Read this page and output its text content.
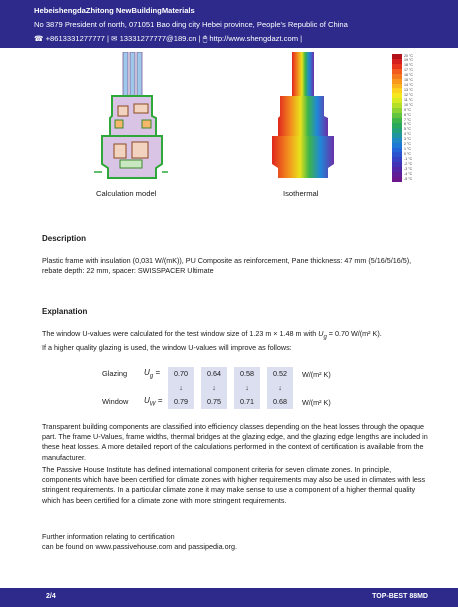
HebeishengdaZhitong NewBuildingMaterials
No 3879 President of north, 071051 Bao ding city Hebei province, People's Republic of China
☎ +8613331277777 | ✉ 13331277777@189.cn | 🖱 http://www.shengdazt.com |
Calculation model	Isothermal
20 °C
19 °C
18 °C
17 °C
16 °C
15 °C
14 °C
13 °C
12 °C
11 °C
10 °C
9 °C
8 °C
7 °C
6 °C
5 °C
4 °C
3 °C
2 °C
1 °C
0 °C
-1 °C
-2 °C
-3 °C
-4 °C
-5 °C
Description
Plastic frame with insulation (0,031 W/(mK)), PU Composite as reinforcement, Pane thickness: 47 mm (5/16/5/16/5), rebate depth: 22 mm, spacer: SWISSPACER Ultimate
Explanation
The window U-values were calculated for the test window size of 1.23 m × 1.48 m with $U_g = 0.70$ W/(m² K).
If a higher quality glazing is used, the window U-values will improve as follows:
Glazing $U_g$ =	0.70	0.64	0.58	0.52	W/(m² K)
↓	↓	↓	↓
Window $U_W$ =	0.79	0.75	0.71	0.68	W/(m² K)
Transparent building components are classified into efficiency classes depending on the heat losses through the opaque part. The frame U-Values, frame widths, thermal bridges at the glazing edge, and the glazing edge lengths are included in these heat losses. A more detailed report of the calculations performed in the context of certification is available from the manufacturer.
The Passive House Institute has defined international component criteria for seven climate zones. In principle, components which have been certified for climate zones with higher requirements may also be used in climates with less stringent requirements. In a particular climate zone it may make sense to use a component of a higher thermal quality which has been certified for a climate zone with more stringent requirements.
Further information relating to certification
can be found on www.passivehouse.com and passipedia.org.
2/4	TOP-BEST 88MD
